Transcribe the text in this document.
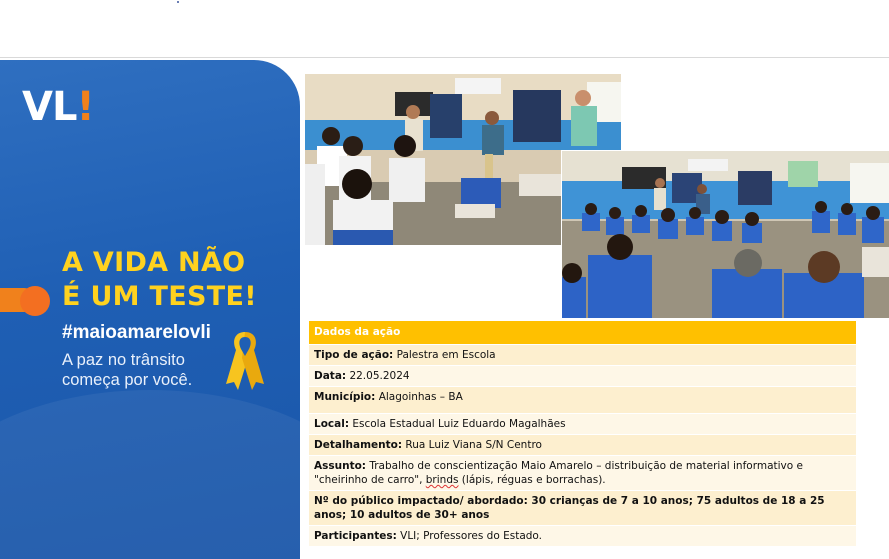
VL!
A VIDA NÃO
É UM TESTE!
#maioamarelovli
A paz no trânsito
começa por você.
Dados da ação
Tipo de ação: Palestra em Escola
Data: 22.05.2024
Município: Alagoinhas – BA
Local: Escola Estadual Luiz Eduardo Magalhães
Detalhamento: Rua Luiz Viana S/N Centro
Assunto: Trabalho de conscientização Maio Amarelo – distribuição de material informativo e "cheirinho de carro", brinds (lápis, réguas e borrachas).
Nº do público impactado/ abordado: 30 crianças de 7 a 10 anos; 75 adultos de 18 a 25 anos; 10 adultos de 30+ anos
Participantes: VLI; Professores do Estado.
